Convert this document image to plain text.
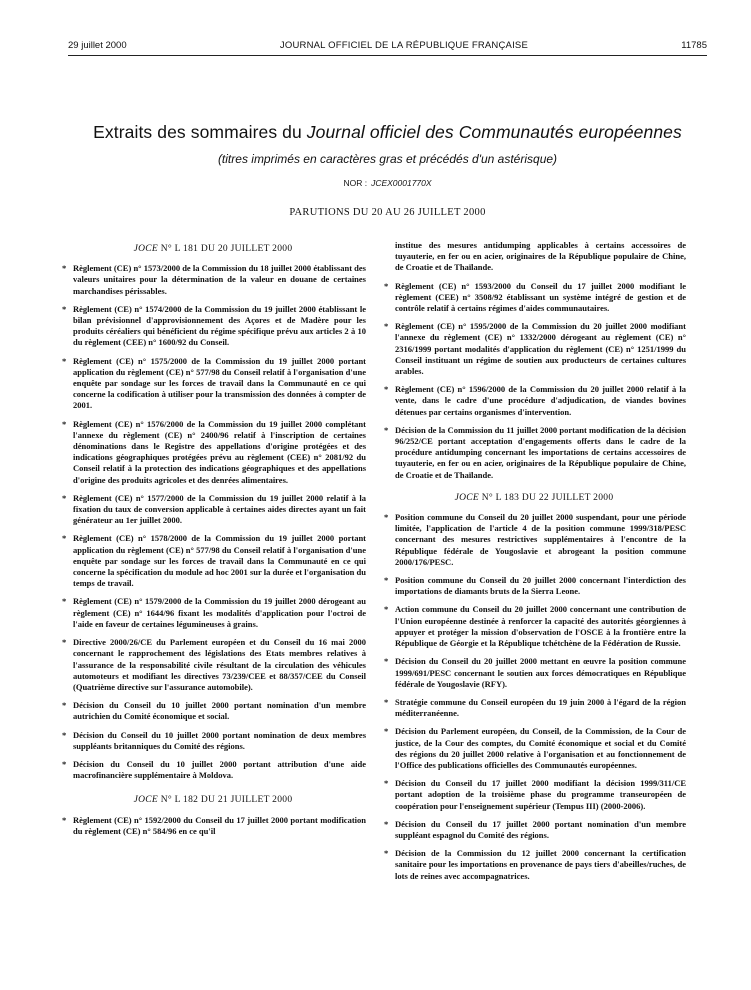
29 juillet 2000	JOURNAL OFFICIEL DE LA RÉPUBLIQUE FRANÇAISE	11785
Extraits des sommaires du Journal officiel des Communautés européennes
(titres imprimés en caractères gras et précédés d'un astérisque)
NOR : JCEX0001770X
PARUTIONS DU 20 AU 26 JUILLET 2000
JOCE N° L 181 DU 20 JUILLET 2000
* Règlement (CE) n° 1573/2000 de la Commission du 18 juillet 2000 établissant des valeurs unitaires pour la détermination de la valeur en douane de certaines marchandises périssables.
* Règlement (CE) n° 1574/2000 de la Commission du 19 juillet 2000 établissant le bilan prévisionnel d'approvisionnement des Açores et de Madère pour les produits céréaliers qui bénéficient du régime spécifique prévu aux articles 2 à 10 du règlement (CEE) n° 1600/92 du Conseil.
* Règlement (CE) n° 1575/2000 de la Commission du 19 juillet 2000 portant application du règlement (CE) n° 577/98 du Conseil relatif à l'organisation d'une enquête par sondage sur les forces de travail dans la Communauté en ce qui concerne la codification à utiliser pour la transmission des données à compter de 2001.
* Règlement (CE) n° 1576/2000 de la Commission du 19 juillet 2000 complétant l'annexe du règlement (CE) n° 2400/96 relatif à l'inscription de certaines dénominations dans le Registre des appellations d'origine protégées et des indications géographiques protégées prévu au règlement (CEE) n° 2081/92 du Conseil relatif à la protection des indications géographiques et des appellations d'origine des produits agricoles et des denrées alimentaires.
* Règlement (CE) n° 1577/2000 de la Commission du 19 juillet 2000 relatif à la fixation du taux de conversion applicable à certaines aides directes ayant un fait générateur au 1er juillet 2000.
* Règlement (CE) n° 1578/2000 de la Commission du 19 juillet 2000 portant application du règlement (CE) n° 577/98 du Conseil relatif à l'organisation d'une enquête par sondage sur les forces de travail dans la Communauté en ce qui concerne la spécification du module ad hoc 2001 sur la durée et l'organisation du temps de travail.
* Règlement (CE) n° 1579/2000 de la Commission du 19 juillet 2000 dérogeant au règlement (CE) n° 1644/96 fixant les modalités d'application pour l'octroi de l'aide en faveur de certaines légumineuses à grains.
* Directive 2000/26/CE du Parlement européen et du Conseil du 16 mai 2000 concernant le rapprochement des législations des Etats membres relatives à l'assurance de la responsabilité civile résultant de la circulation des véhicules automoteurs et modifiant les directives 73/239/CEE et 88/357/CEE du Conseil (Quatrième directive sur l'assurance automobile).
* Décision du Conseil du 10 juillet 2000 portant nomination d'un membre autrichien du Comité économique et social.
* Décision du Conseil du 10 juillet 2000 portant nomination de deux membres suppléants britanniques du Comité des régions.
* Décision du Conseil du 10 juillet 2000 portant attribution d'une aide macrofinancière supplémentaire à Moldova.
JOCE N° L 182 DU 21 JUILLET 2000
* Règlement (CE) n° 1592/2000 du Conseil du 17 juillet 2000 portant modification du règlement (CE) n° 584/96 en ce qu'il
institue des mesures antidumping applicables à certains accessoires de tuyauterie, en fer ou en acier, originaires de la République populaire de Chine, de Croatie et de Thaïlande.
* Règlement (CE) n° 1593/2000 du Conseil du 17 juillet 2000 modifiant le règlement (CEE) n° 3508/92 établissant un système intégré de gestion et de contrôle relatif à certains régimes d'aides communautaires.
* Règlement (CE) n° 1595/2000 de la Commission du 20 juillet 2000 modifiant l'annexe du règlement (CE) n° 1332/2000 dérogeant au règlement (CE) n° 2316/1999 portant modalités d'application du règlement (CE) n° 1251/1999 du Conseil instituant un régime de soutien aux producteurs de certaines cultures arables.
* Règlement (CE) n° 1596/2000 de la Commission du 20 juillet 2000 relatif à la vente, dans le cadre d'une procédure d'adjudication, de viandes bovines détenues par certains organismes d'intervention.
* Décision de la Commission du 11 juillet 2000 portant modification de la décision 96/252/CE portant acceptation d'engagements offerts dans le cadre de la procédure antidumping concernant les importations de certains accessoires de tuyauterie, en fer ou en acier, originaires de la République populaire de Chine, de Croatie et de Thaïlande.
JOCE N° L 183 DU 22 JUILLET 2000
* Position commune du Conseil du 20 juillet 2000 suspendant, pour une période limitée, l'application de l'article 4 de la position commune 1999/318/PESC concernant des mesures restrictives supplémentaires à l'encontre de la République fédérale de Yougoslavie et abrogeant la position commune 2000/176/PESC.
* Position commune du Conseil du 20 juillet 2000 concernant l'interdiction des importations de diamants bruts de la Sierra Leone.
* Action commune du Conseil du 20 juillet 2000 concernant une contribution de l'Union européenne destinée à renforcer la capacité des autorités géorgiennes à appuyer et protéger la mission d'observation de l'OSCE à la frontière entre la République de Géorgie et la République tchétchène de la Fédération de Russie.
* Décision du Conseil du 20 juillet 2000 mettant en œuvre la position commune 1999/691/PESC concernant le soutien aux forces démocratiques en République fédérale de Yougoslavie (RFY).
* Stratégie commune du Conseil européen du 19 juin 2000 à l'égard de la région méditerranéenne.
* Décision du Parlement européen, du Conseil, de la Commission, de la Cour de justice, de la Cour des comptes, du Comité économique et social et du Comité des régions du 20 juillet 2000 relative à l'organisation et au fonctionnement de l'Office des publications officielles des Communautés européennes.
* Décision du Conseil du 17 juillet 2000 modifiant la décision 1999/311/CE portant adoption de la troisième phase du programme transeuropéen de coopération pour l'enseignement supérieur (Tempus III) (2000-2006).
* Décision du Conseil du 17 juillet 2000 portant nomination d'un membre suppléant espagnol du Comité des régions.
* Décision de la Commission du 12 juillet 2000 concernant la certification sanitaire pour les importations en provenance de pays tiers d'abeilles/ruches, de lots de reines avec accompagnatrices.
